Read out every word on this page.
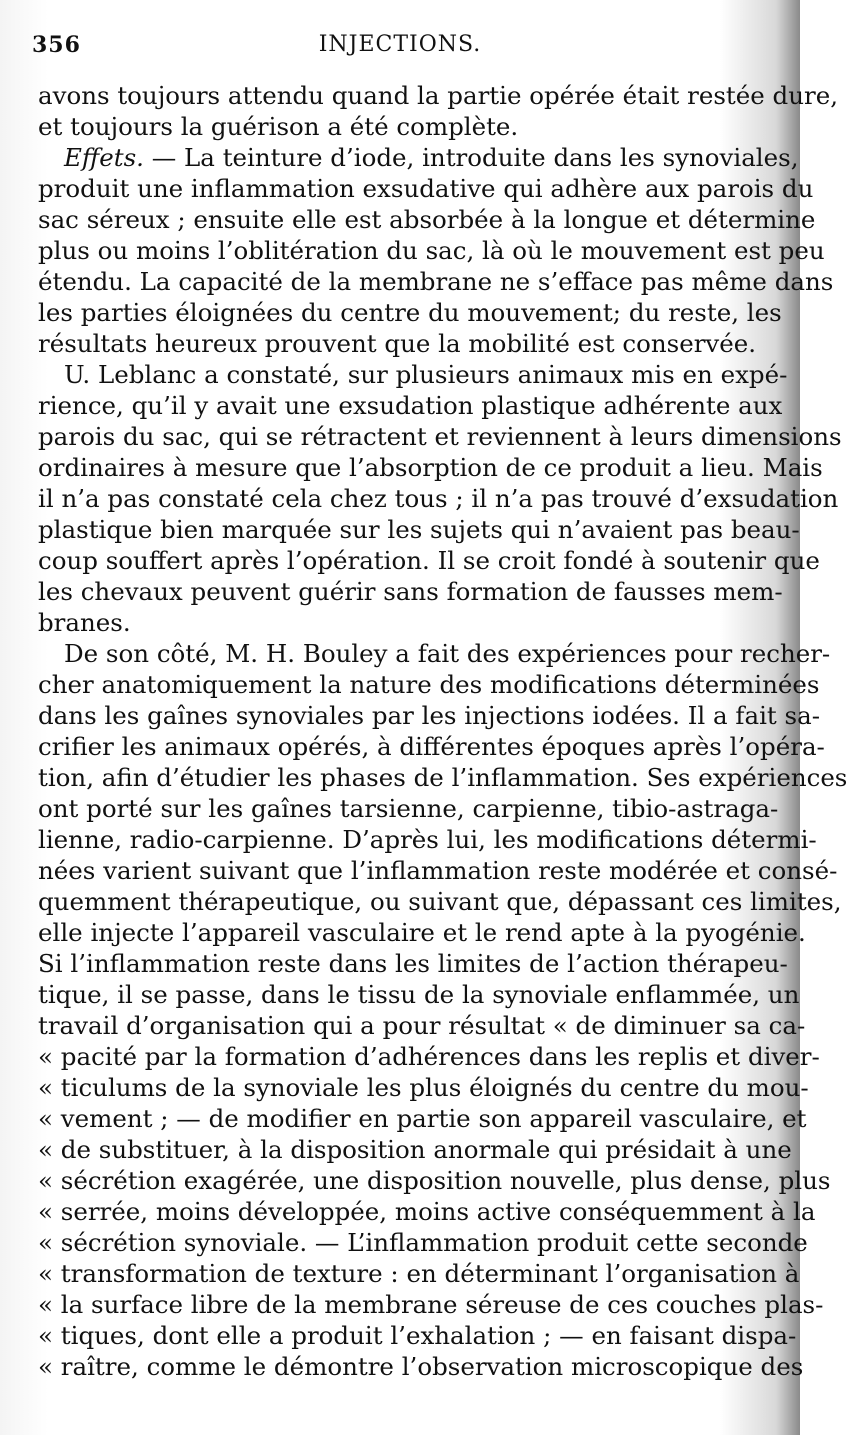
356	INJECTIONS.
avons toujours attendu quand la partie opérée était restée dure,
et toujours la guérison a été complète.
Effets. — La teinture d’iode, introduite dans les synoviales,
produit une inflammation exsudative qui adhère aux parois du
sac séreux ; ensuite elle est absorbée à la longue et détermine
plus ou moins l’oblitération du sac, là où le mouvement est peu
étendu. La capacité de la membrane ne s’efface pas même dans
les parties éloignées du centre du mouvement; du reste, les
résultats heureux prouvent que la mobilité est conservée.
U. Leblanc a constaté, sur plusieurs animaux mis en expé-
rience, qu’il y avait une exsudation plastique adhérente aux
parois du sac, qui se rétractent et reviennent à leurs dimensions
ordinaires à mesure que l’absorption de ce produit a lieu. Mais
il n’a pas constaté cela chez tous ; il n’a pas trouvé d’exsudation
plastique bien marquée sur les sujets qui n’avaient pas beau-
coup souffert après l’opération. Il se croit fondé à soutenir que
les chevaux peuvent guérir sans formation de fausses mem-
branes.
De son côté, M. H. Bouley a fait des expériences pour recher-
cher anatomiquement la nature des modifications déterminées
dans les gaînes synoviales par les injections iodées. Il a fait sa-
crifier les animaux opérés, à différentes époques après l’opéra-
tion, afin d’étudier les phases de l’inflammation. Ses expériences
ont porté sur les gaînes tarsienne, carpienne, tibio-astraga-
lienne, radio-carpienne. D’après lui, les modifications détermi-
nées varient suivant que l’inflammation reste modérée et consé-
quemment thérapeutique, ou suivant que, dépassant ces limites,
elle injecte l’appareil vasculaire et le rend apte à la pyogénie.
Si l’inflammation reste dans les limites de l’action thérapeu-
tique, il se passe, dans le tissu de la synoviale enflammée, un
travail d’organisation qui a pour résultat « de diminuer sa ca-
« pacité par la formation d’adhérences dans les replis et diver-
« ticulums de la synoviale les plus éloignés du centre du mou-
« vement ; — de modifier en partie son appareil vasculaire, et
« de substituer, à la disposition anormale qui présidait à une
« sécrétion exagérée, une disposition nouvelle, plus dense, plus
« serrée, moins développée, moins active conséquemment à la
« sécrétion synoviale. — L’inflammation produit cette seconde
« transformation de texture : en déterminant l’organisation à
« la surface libre de la membrane séreuse de ces couches plas-
« tiques, dont elle a produit l’exhalation ; — en faisant dispa-
« raître, comme le démontre l’observation microscopique des
